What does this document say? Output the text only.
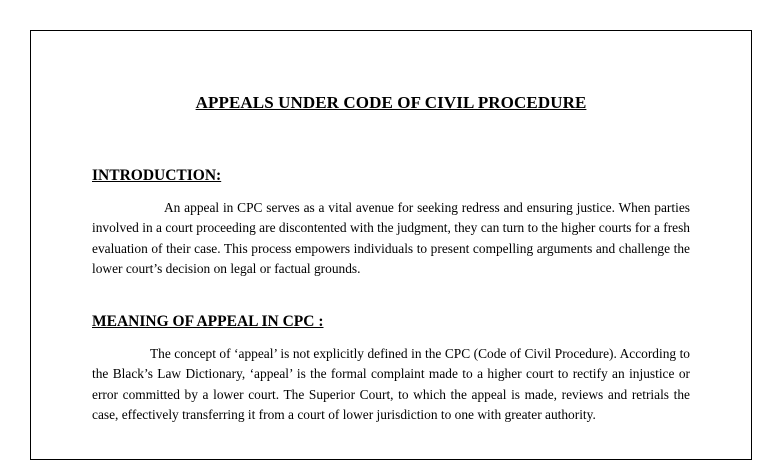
APPEALS UNDER CODE OF CIVIL PROCEDURE
INTRODUCTION:

An appeal in CPC serves as a vital avenue for seeking redress and ensuring justice. When parties involved in a court proceeding are discontented with the judgment, they can turn to the higher courts for a fresh evaluation of their case. This process empowers individuals to present compelling arguments and challenge the lower court’s decision on legal or factual grounds.

MEANING OF APPEAL IN CPC :

The concept of ‘appeal’ is not explicitly defined in the CPC (Code of Civil Procedure). According to the Black’s Law Dictionary, ‘appeal’ is the formal complaint made to a higher court to rectify an injustice or error committed by a lower court. The Superior Court, to which the appeal is made, reviews and retrials the case, effectively transferring it from a court of lower jurisdiction to one with greater authority.
